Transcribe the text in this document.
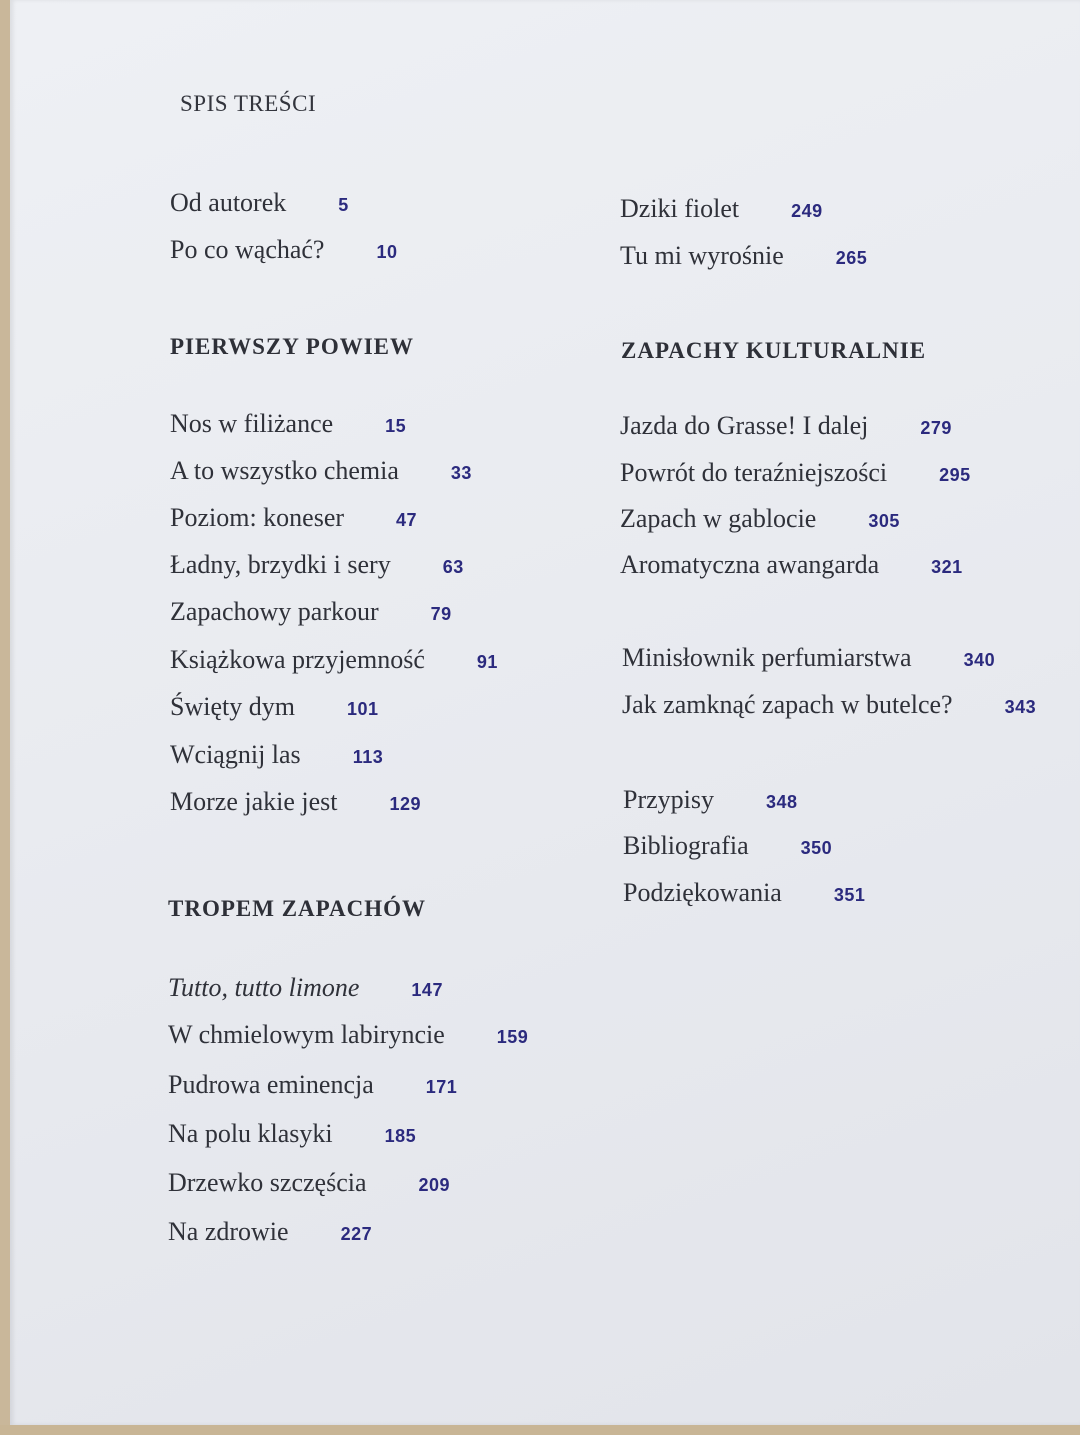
SPIS TREŚCI
Od autorek	5
Po co wąchać?	10
PIERWSZY POWIEW
Nos w filiżance	15
A to wszystko chemia	33
Poziom: koneser	47
Ładny, brzydki i sery	63
Zapachowy parkour	79
Książkowa przyjemność	91
Święty dym	101
Wciągnij las	113
Morze jakie jest	129
TROPEM ZAPACHÓW
Tutto, tutto limone	147
W chmielowym labiryncie	159
Pudrowa eminencja	171
Na polu klasyki	185
Drzewko szczęścia	209
Na zdrowie	227
Dziki fiolet	249
Tu mi wyrośnie	265
ZAPACHY KULTURALNIE
Jazda do Grasse! I dalej	279
Powrót do teraźniejszości	295
Zapach w gablocie	305
Aromatyczna awangarda	321
Minisłownik perfumiarstwa	340
Jak zamknąć zapach w butelce?	343
Przypisy	348
Bibliografia	350
Podziękowania	351
